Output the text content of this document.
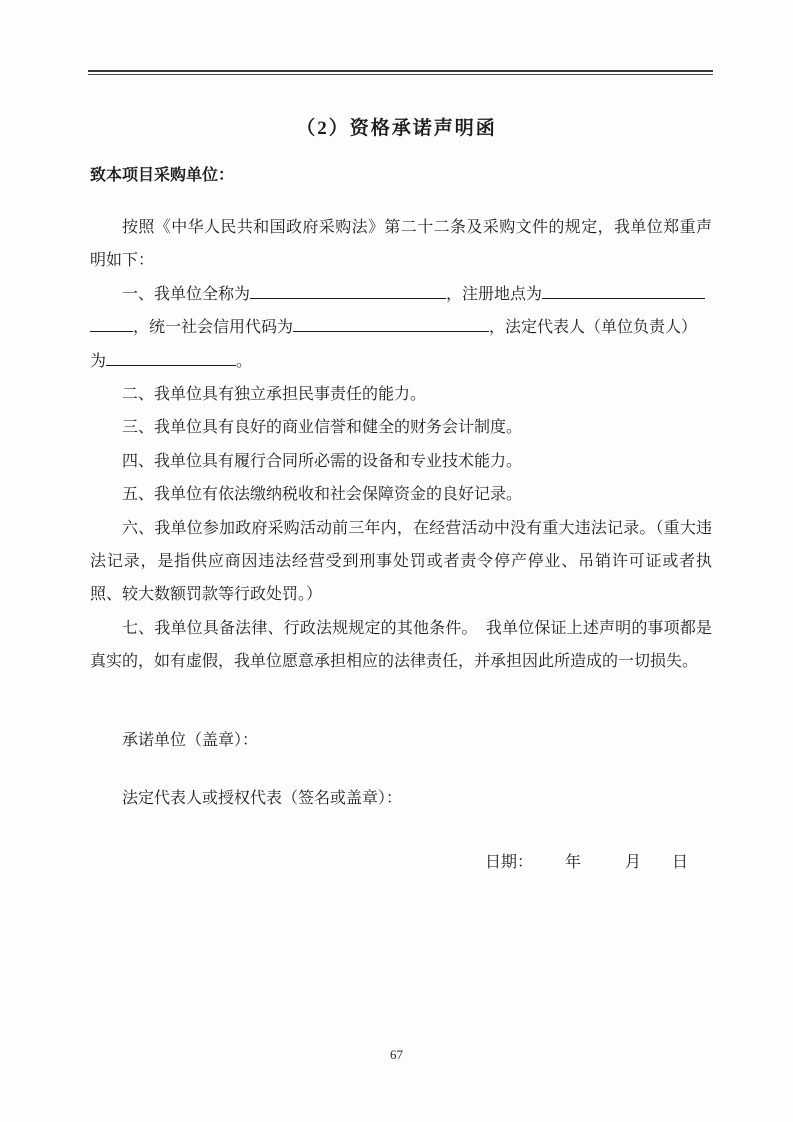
（2）资格承诺声明函
致本项目采购单位：

按照《中华人民共和国政府采购法》第二十二条及采购文件的规定，我单位郑重声明如下：

一、我单位全称为	，注册地点为
，统一社会信用代码为	，法定代表人（单位负责人）
为	。

二、我单位具有独立承担民事责任的能力。

三、我单位具有良好的商业信誉和健全的财务会计制度。

四、我单位具有履行合同所必需的设备和专业技术能力。

五、我单位有依法缴纳税收和社会保障资金的良好记录。

六、我单位参加政府采购活动前三年内，在经营活动中没有重大违法记录。（重大违法记录，是指供应商因违法经营受到刑事处罚或者责令停产停业、吊销许可证或者执照、较大数额罚款等行政处罚。）

七、我单位具备法律、行政法规规定的其他条件。　我单位保证上述声明的事项都是真实的，如有虚假，我单位愿意承担相应的法律责任，并承担因此所造成的一切损失。

承诺单位（盖章）：
法定代表人或授权代表（签名或盖章）：
日期： 年	月 日
67
